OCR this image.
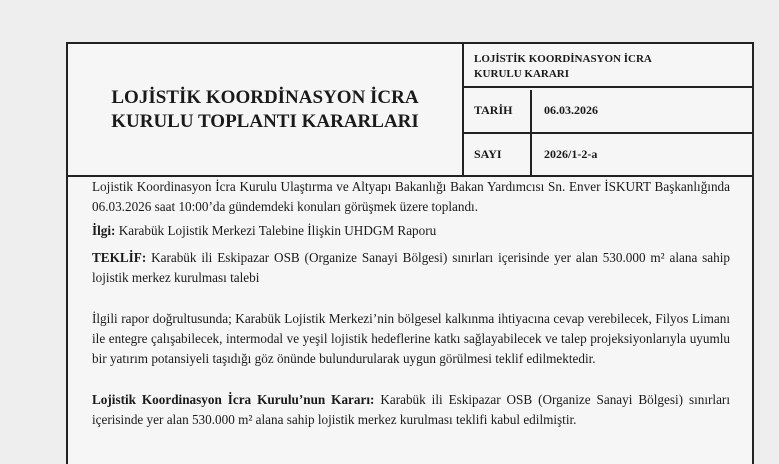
LOJİSTİK KOORDİNASYON İCRA
KURULU TOPLANTI KARARLARI
LOJİSTİK KOORDİNASYON İCRA
KURULU KARARI
TARİH	06.03.2026
SAYI	2026/1-2-a

Lojistik Koordinasyon İcra Kurulu Ulaştırma ve Altyapı Bakanlığı Bakan Yardımcısı Sn. Enver İSKURT Başkanlığında 06.03.2026 saat 10:00’da gündemdeki konuları görüşmek üzere toplandı.

İlgi: Karabük Lojistik Merkezi Talebine İlişkin UHDGM Raporu

TEKLİF: Karabük ili Eskipazar OSB (Organize Sanayi Bölgesi) sınırları içerisinde yer alan 530.000 m² alana sahip lojistik merkez kurulması talebi

İlgili rapor doğrultusunda; Karabük Lojistik Merkezi’nin bölgesel kalkınma ihtiyacına cevap verebilecek, Filyos Limanı ile entegre çalışabilecek, intermodal ve yeşil lojistik hedeflerine katkı sağlayabilecek ve talep projeksiyonlarıyla uyumlu bir yatırım potansiyeli taşıdığı göz önünde bulundurularak uygun görülmesi teklif edilmektedir.

Lojistik Koordinasyon İcra Kurulu’nun Kararı: Karabük ili Eskipazar OSB (Organize Sanayi Bölgesi) sınırları içerisinde yer alan 530.000 m² alana sahip lojistik merkez kurulması teklifi kabul edilmiştir.
